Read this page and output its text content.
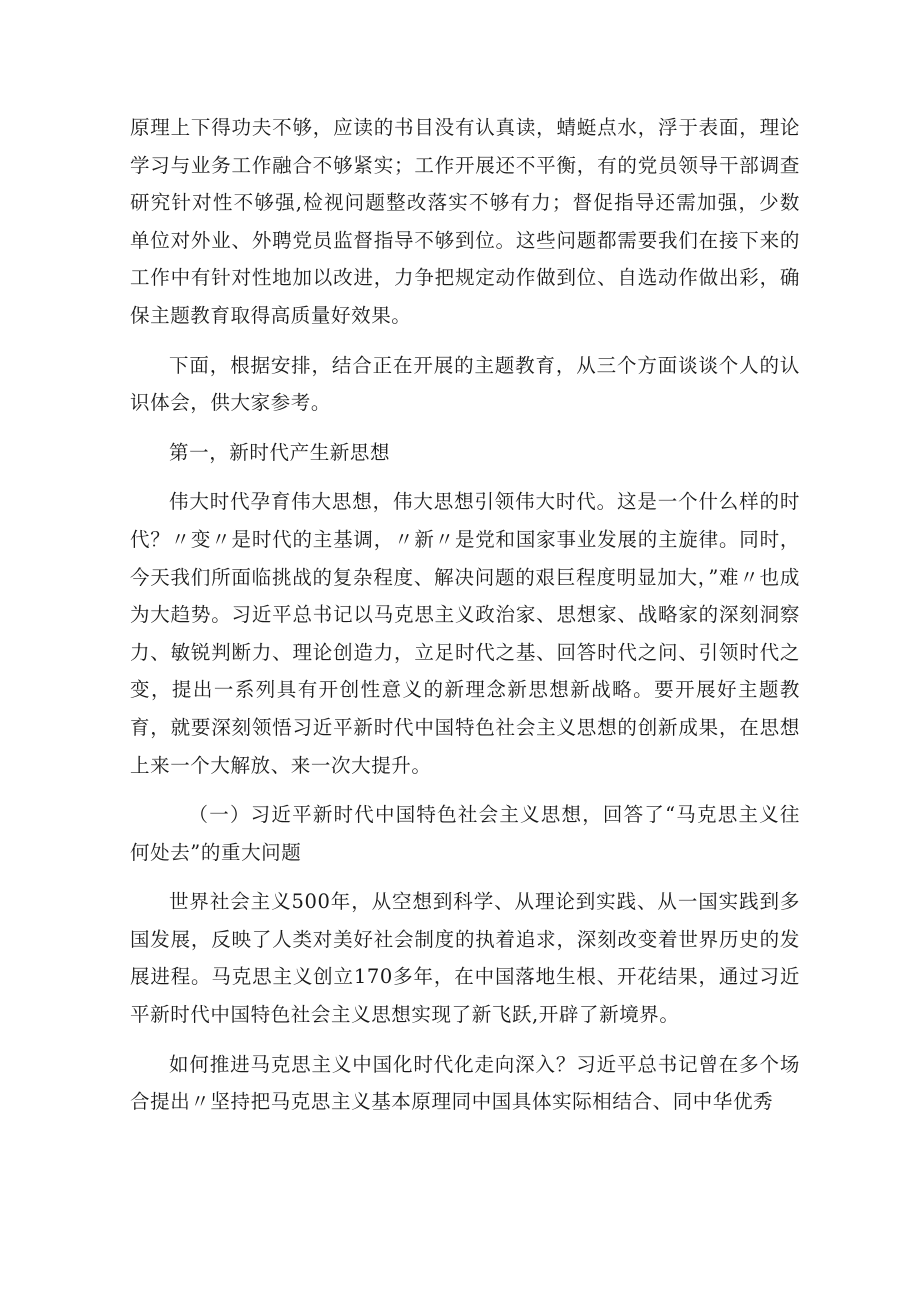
原理上下得功夫不够，应读的书目没有认真读，蜻蜓点水，浮于表面，理论学习与业务工作融合不够紧实；工作开展还不平衡，有的党员领导干部调查研究针对性不够强,检视问题整改落实不够有力；督促指导还需加强，少数单位对外业、外聘党员监督指导不够到位。这些问题都需要我们在接下来的工作中有针对性地加以改进，力争把规定动作做到位、自选动作做出彩，确保主题教育取得高质量好效果。

下面，根据安排，结合正在开展的主题教育，从三个方面谈谈个人的认识体会，供大家参考。

第一，新时代产生新思想

伟大时代孕育伟大思想，伟大思想引领伟大时代。这是一个什么样的时代？〃变〃是时代的主基调，〃新〃是党和国家事业发展的主旋律。同时，今天我们所面临挑战的复杂程度、解决问题的艰巨程度明显加大，”难〃也成为大趋势。习近平总书记以马克思主义政治家、思想家、战略家的深刻洞察力、敏锐判断力、理论创造力，立足时代之基、回答时代之问、引领时代之变，提出一系列具有开创性意义的新理念新思想新战略。要开展好主题教育，就要深刻领悟习近平新时代中国特色社会主义思想的创新成果，在思想上来一个大解放、来一次大提升。

（一）习近平新时代中国特色社会主义思想，回答了“马克思主义往何处去”的重大问题

世界社会主义500年，从空想到科学、从理论到实践、从一国实践到多国发展，反映了人类对美好社会制度的执着追求，深刻改变着世界历史的发展进程。马克思主义创立170多年，在中国落地生根、开花结果，通过习近平新时代中国特色社会主义思想实现了新飞跃,开辟了新境界。

如何推进马克思主义中国化时代化走向深入？习近平总书记曾在多个场合提出〃坚持把马克思主义基本原理同中国具体实际相结合、同中华优秀
